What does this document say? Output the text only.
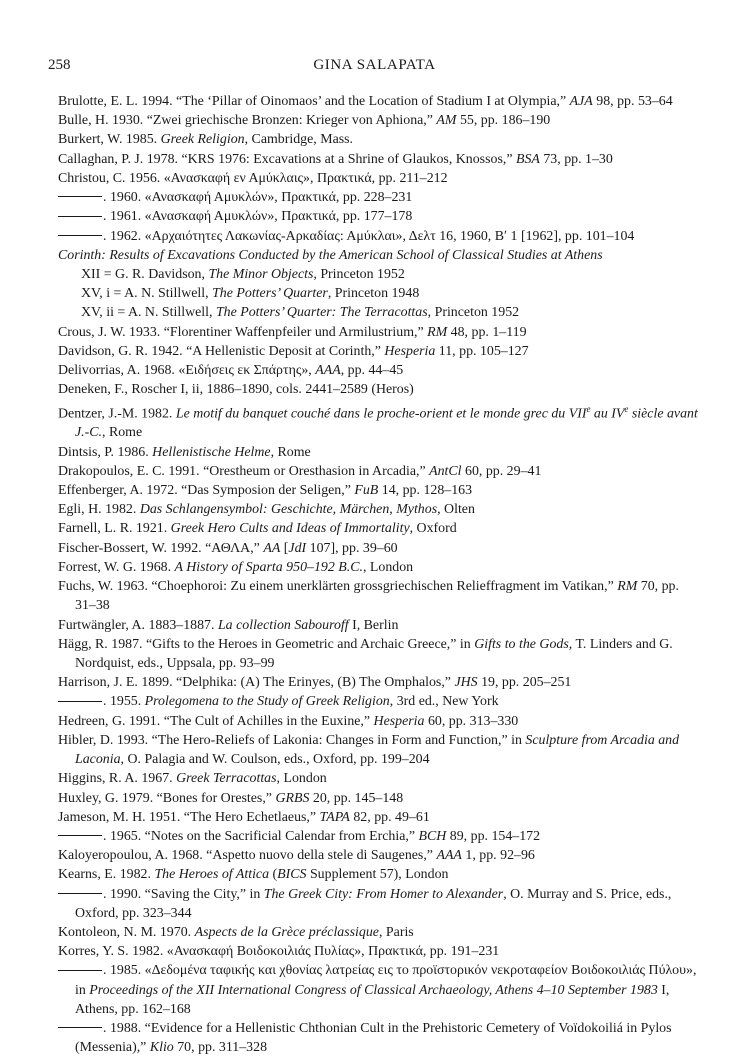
258	GINA SALAPATA
Brulotte, E. L. 1994. “The ‘Pillar of Oinomaos’ and the Location of Stadium I at Olympia,” AJA 98, pp. 53–64
Bulle, H. 1930. “Zwei griechische Bronzen: Krieger von Aphiona,” AM 55, pp. 186–190
Burkert, W. 1985. Greek Religion, Cambridge, Mass.
Callaghan, P. J. 1978. “KRS 1976: Excavations at a Shrine of Glaukos, Knossos,” BSA 73, pp. 1–30
Christou, C. 1956. «Ανασκαφή εν Αμύκλαις», Πρακτικά, pp. 211–212
. 1960. «Ανασκαφή Αμυκλών», Πρακτικά, pp. 228–231
. 1961. «Ανασκαφή Αμυκλών», Πρακτικά, pp. 177–178
. 1962. «Αρχαιότητες Λακωνίας-Αρκαδίας: Αμύκλαι», Δελτ 16, 1960, Βʹ 1 [1962], pp. 101–104
Corinth: Results of Excavations Conducted by the American School of Classical Studies at Athens
XII = G. R. Davidson, The Minor Objects, Princeton 1952
XV, i = A. N. Stillwell, The Potters’ Quarter, Princeton 1948
XV, ii = A. N. Stillwell, The Potters’ Quarter: The Terracottas, Princeton 1952
Crous, J. W. 1933. “Florentiner Waffenpfeiler und Armilustrium,” RM 48, pp. 1–119
Davidson, G. R. 1942. “A Hellenistic Deposit at Corinth,” Hesperia 11, pp. 105–127
Delivorrias, A. 1968. «Ειδήσεις εκ Σπάρτης», AAA, pp. 44–45
Deneken, F., Roscher I, ii, 1886–1890, cols. 2441–2589 (Heros)
Dentzer, J.-M. 1982. Le motif du banquet couché dans le proche-orient et le monde grec du VIIe au IVe siècle avant J.-C., Rome
Dintsis, P. 1986. Hellenistische Helme, Rome
Drakopoulos, E. C. 1991. “Orestheum or Oresthasion in Arcadia,” AntCl 60, pp. 29–41
Effenberger, A. 1972. “Das Symposion der Seligen,” FuB 14, pp. 128–163
Egli, H. 1982. Das Schlangensymbol: Geschichte, Märchen, Mythos, Olten
Farnell, L. R. 1921. Greek Hero Cults and Ideas of Immortality, Oxford
Fischer-Bossert, W. 1992. “ΑΘΛΑ,” AA [JdI 107], pp. 39–60
Forrest, W. G. 1968. A History of Sparta 950–192 B.C., London
Fuchs, W. 1963. “Choephoroi: Zu einem unerklärten grossgriechischen Relieffragment im Vatikan,” RM 70, pp. 31–38
Furtwängler, A. 1883–1887. La collection Sabouroff I, Berlin
Hägg, R. 1987. “Gifts to the Heroes in Geometric and Archaic Greece,” in Gifts to the Gods, T. Linders and G. Nordquist, eds., Uppsala, pp. 93–99
Harrison, J. E. 1899. “Delphika: (A) The Erinyes, (B) The Omphalos,” JHS 19, pp. 205–251
. 1955. Prolegomena to the Study of Greek Religion, 3rd ed., New York
Hedreen, G. 1991. “The Cult of Achilles in the Euxine,” Hesperia 60, pp. 313–330
Hibler, D. 1993. “The Hero-Reliefs of Lakonia: Changes in Form and Function,” in Sculpture from Arcadia and Laconia, O. Palagia and W. Coulson, eds., Oxford, pp. 199–204
Higgins, R. A. 1967. Greek Terracottas, London
Huxley, G. 1979. “Bones for Orestes,” GRBS 20, pp. 145–148
Jameson, M. H. 1951. “The Hero Echetlaeus,” TAPA 82, pp. 49–61
. 1965. “Notes on the Sacrificial Calendar from Erchia,” BCH 89, pp. 154–172
Kaloyeropoulou, A. 1968. “Aspetto nuovo della stele di Saugenes,” AAA 1, pp. 92–96
Kearns, E. 1982. The Heroes of Attica (BICS Supplement 57), London
. 1990. “Saving the City,” in The Greek City: From Homer to Alexander, O. Murray and S. Price, eds., Oxford, pp. 323–344
Kontoleon, N. M. 1970. Aspects de la Grèce préclassique, Paris
Korres, Y. S. 1982. «Ανασκαφή Βοιδοκοιλιάς Πυλίας», Πρακτικά, pp. 191–231
. 1985. «Δεδομένα ταφικής και χθονίας λατρείας εις το προϊστορικόν νεκροταφείον Βοιδοκοιλιάς Πύλου», in Proceedings of the XII International Congress of Classical Archaeology, Athens 4–10 September 1983 I, Athens, pp. 162–168
. 1988. “Evidence for a Hellenistic Chthonian Cult in the Prehistoric Cemetery of Voïdokoiliá in Pylos (Messenia),” Klio 70, pp. 311–328
